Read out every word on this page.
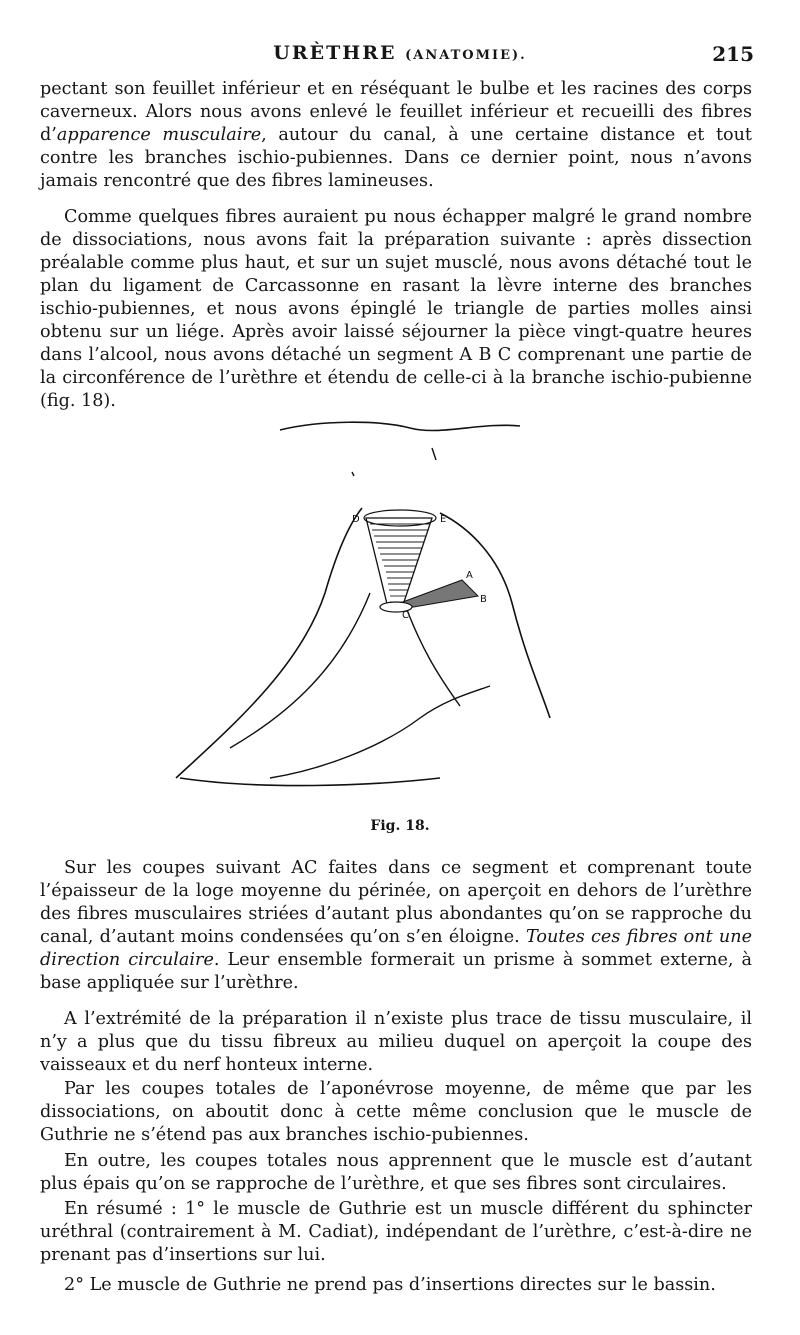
URÈTHRE (ANATOMIE).	215

pectant son feuillet inférieur et en réséquant le bulbe et les racines des corps caverneux. Alors nous avons enlevé le feuillet inférieur et recueilli des fibres d’apparence musculaire, autour du canal, à une certaine distance et tout contre les branches ischio-pubiennes. Dans ce dernier point, nous n’avons jamais rencontré que des fibres lamineuses.

Comme quelques fibres auraient pu nous échapper malgré le grand nombre de dissociations, nous avons fait la préparation suivante : après dissection préalable comme plus haut, et sur un sujet musclé, nous avons détaché tout le plan du ligament de Carcassonne en rasant la lèvre interne des branches ischio-pubiennes, et nous avons épinglé le triangle de parties molles ainsi obtenu sur un liége. Après avoir laissé séjourner la pièce vingt-quatre heures dans l’alcool, nous avons détaché un segment A B C comprenant une partie de la circonférence de l’urèthre et étendu de celle-ci à la branche ischio-pubienne (fig. 18).

D	E
A
B
C
Fig. 18.

Sur les coupes suivant AC faites dans ce segment et comprenant toute l’épaisseur de la loge moyenne du périnée, on aperçoit en dehors de l’urèthre des fibres musculaires striées d’autant plus abondantes qu’on se rapproche du canal, d’autant moins condensées qu’on s’en éloigne. Toutes ces fibres ont une direction circulaire. Leur ensemble formerait un prisme à sommet externe, à base appliquée sur l’urèthre.

A l’extrémité de la préparation il n’existe plus trace de tissu musculaire, il n’y a plus que du tissu fibreux au milieu duquel on aperçoit la coupe des vaisseaux et du nerf honteux interne.

Par les coupes totales de l’aponévrose moyenne, de même que par les dissociations, on aboutit donc à cette même conclusion que le muscle de Guthrie ne s’étend pas aux branches ischio-pubiennes.

En outre, les coupes totales nous apprennent que le muscle est d’autant plus épais qu’on se rapproche de l’urèthre, et que ses fibres sont circulaires.

En résumé : 1° le muscle de Guthrie est un muscle différent du sphincter uréthral (contrairement à M. Cadiat), indépendant de l’urèthre, c’est-à-dire ne prenant pas d’insertions sur lui.

2° Le muscle de Guthrie ne prend pas d’insertions directes sur le bassin.
